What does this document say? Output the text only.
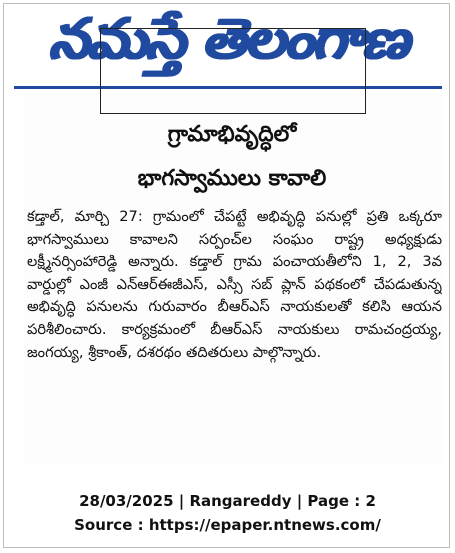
నమస్తే తెలంగాణ
గ్రామాభివృద్ధిలో
భాగస్వాములు కావాలి
కడ్తాల్, మార్చి 27: గ్రామంలో చేపట్టే అభివృద్ధి పనుల్లో ప్రతి ఒక్కరూ భాగస్వాములు కావాలని సర్పంచ్‌ల సంఘం రాష్ట్ర అధ్యక్షుడు లక్ష్మీనర్సింహారెడ్డి అన్నారు. కడ్తాల్ గ్రామ పంచాయతీలోని 1, 2, 3వ వార్డుల్లో ఎంజీ ఎన్‌ఆర్‌ఈజీఎస్, ఎస్సీ సబ్ ప్లాన్ పథకంలో చేపడుతున్న అభివృద్ధి పనులను గురువారం బీఆర్‌ఎస్ నాయకులతో కలిసి ఆయన పరిశీలించారు. కార్యక్రమంలో బీఆర్‌ఎస్ నాయకులు రామచంద్రయ్య, జంగయ్య, శ్రీకాంత్, దశరథం తదితరులు పాల్గొన్నారు.
28/03/2025 | Rangareddy | Page : 2
Source : https://epaper.ntnews.com/
